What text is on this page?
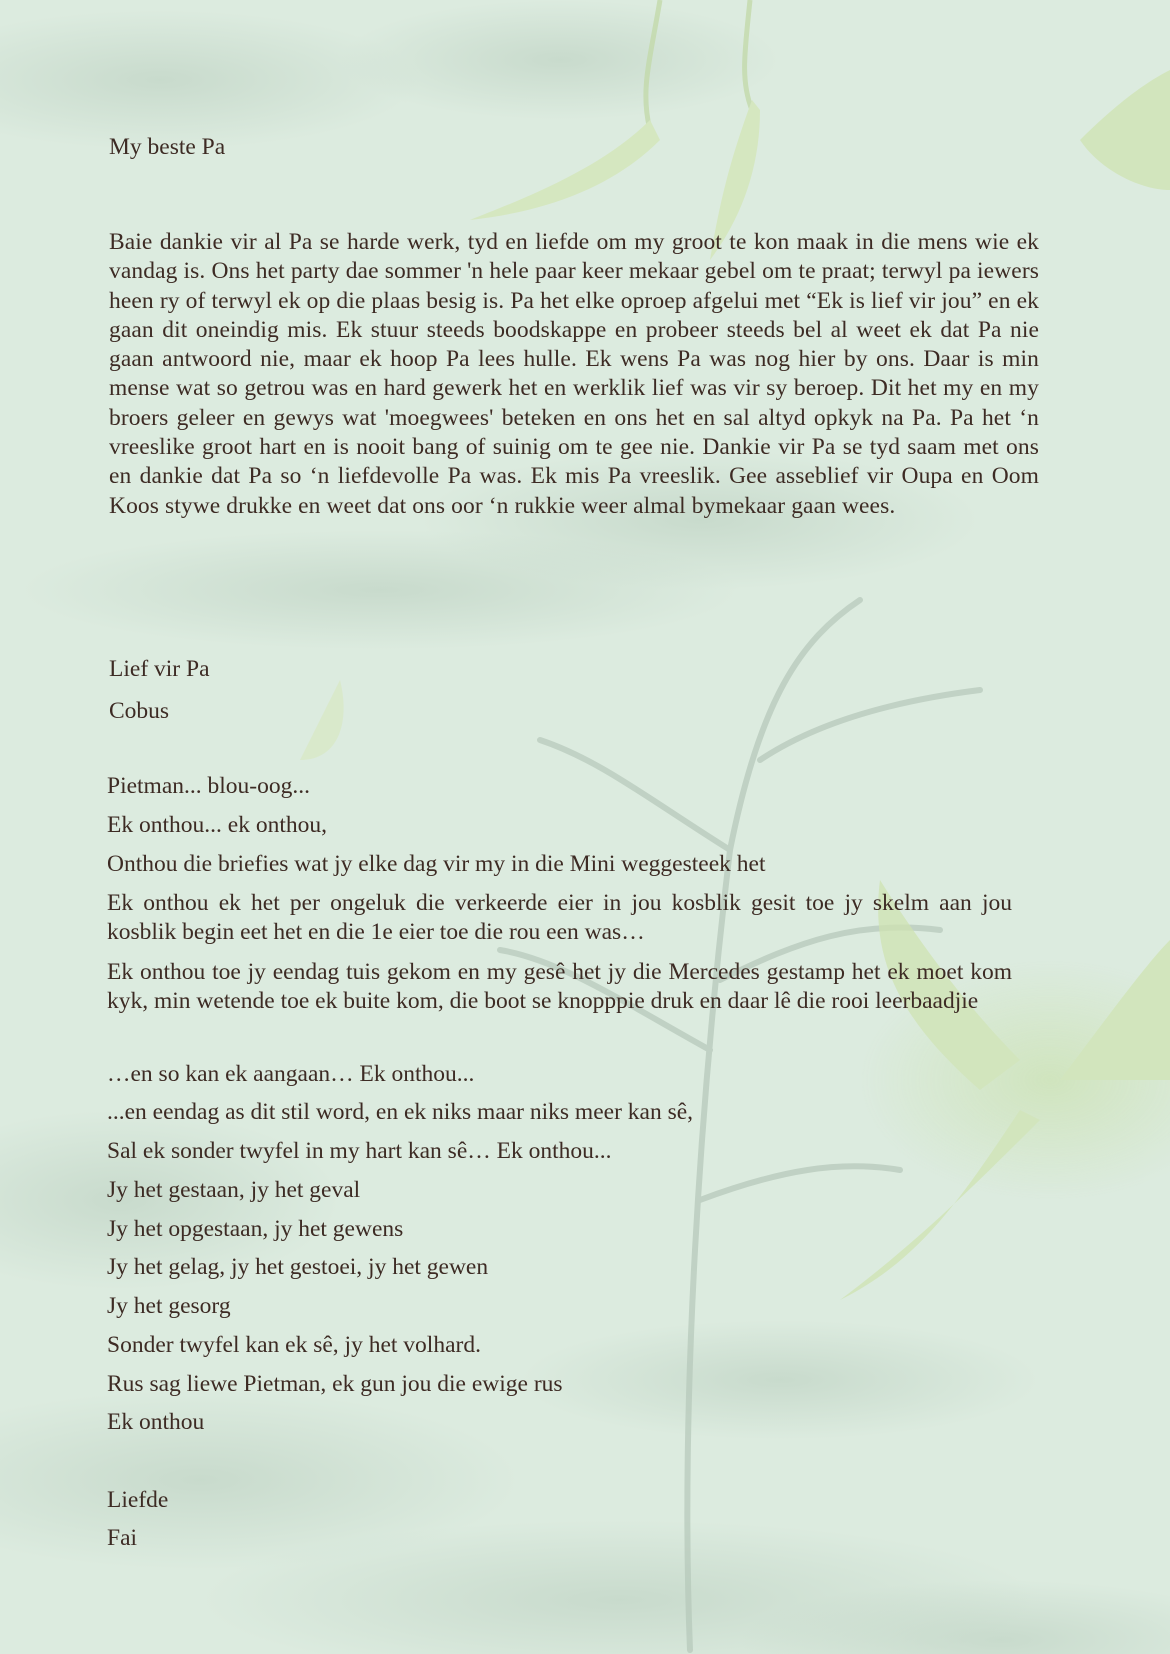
My beste Pa
Baie dankie vir al Pa se harde werk, tyd en liefde om my groot te kon maak in die mens wie ek vandag is. Ons het party dae sommer 'n hele paar keer mekaar gebel om te praat; terwyl pa iewers heen ry of terwyl ek op die plaas besig is. Pa het elke oproep afgelui met “Ek is lief vir jou” en ek gaan dit oneindig mis. Ek stuur steeds boodskappe en probeer steeds bel al weet ek dat Pa nie gaan antwoord nie, maar ek hoop Pa lees hulle. Ek wens Pa was nog hier by ons. Daar is min mense wat so getrou was en hard gewerk het en werklik lief was vir sy beroep. Dit het my en my broers geleer en gewys wat 'moegwees' beteken en ons het en sal altyd opkyk na Pa. Pa het ‘n vreeslike groot hart en is nooit bang of suinig om te gee nie. Dankie vir Pa se tyd saam met ons en dankie dat Pa so ‘n liefdevolle Pa was. Ek mis Pa vreeslik. Gee asseblief vir Oupa en Oom Koos stywe drukke en weet dat ons oor ‘n rukkie weer almal bymekaar gaan wees.
Lief vir Pa
Cobus
Pietman... blou-oog...
Ek onthou... ek onthou,
Onthou die briefies wat jy elke dag vir my in die Mini weggesteek het
Ek onthou ek het per ongeluk die verkeerde eier in jou kosblik gesit toe jy skelm aan jou kosblik begin eet het en die 1e eier toe die rou een was…
Ek onthou toe jy eendag tuis gekom en my gesê het jy die Mercedes gestamp het ek moet kom kyk, min wetende toe ek buite kom, die boot se knopppie druk en daar lê die rooi leerbaadjie
…en so kan ek aangaan… Ek onthou...
...en eendag as dit stil word, en ek niks maar niks meer kan sê,
Sal ek sonder twyfel in my hart kan sê… Ek onthou...
Jy het gestaan, jy het geval
Jy het opgestaan, jy het gewens
Jy het gelag, jy het gestoei, jy het gewen
Jy het gesorg
Sonder twyfel kan ek sê, jy het volhard.
Rus sag liewe Pietman, ek gun jou die ewige rus
Ek onthou
Liefde
Fai
